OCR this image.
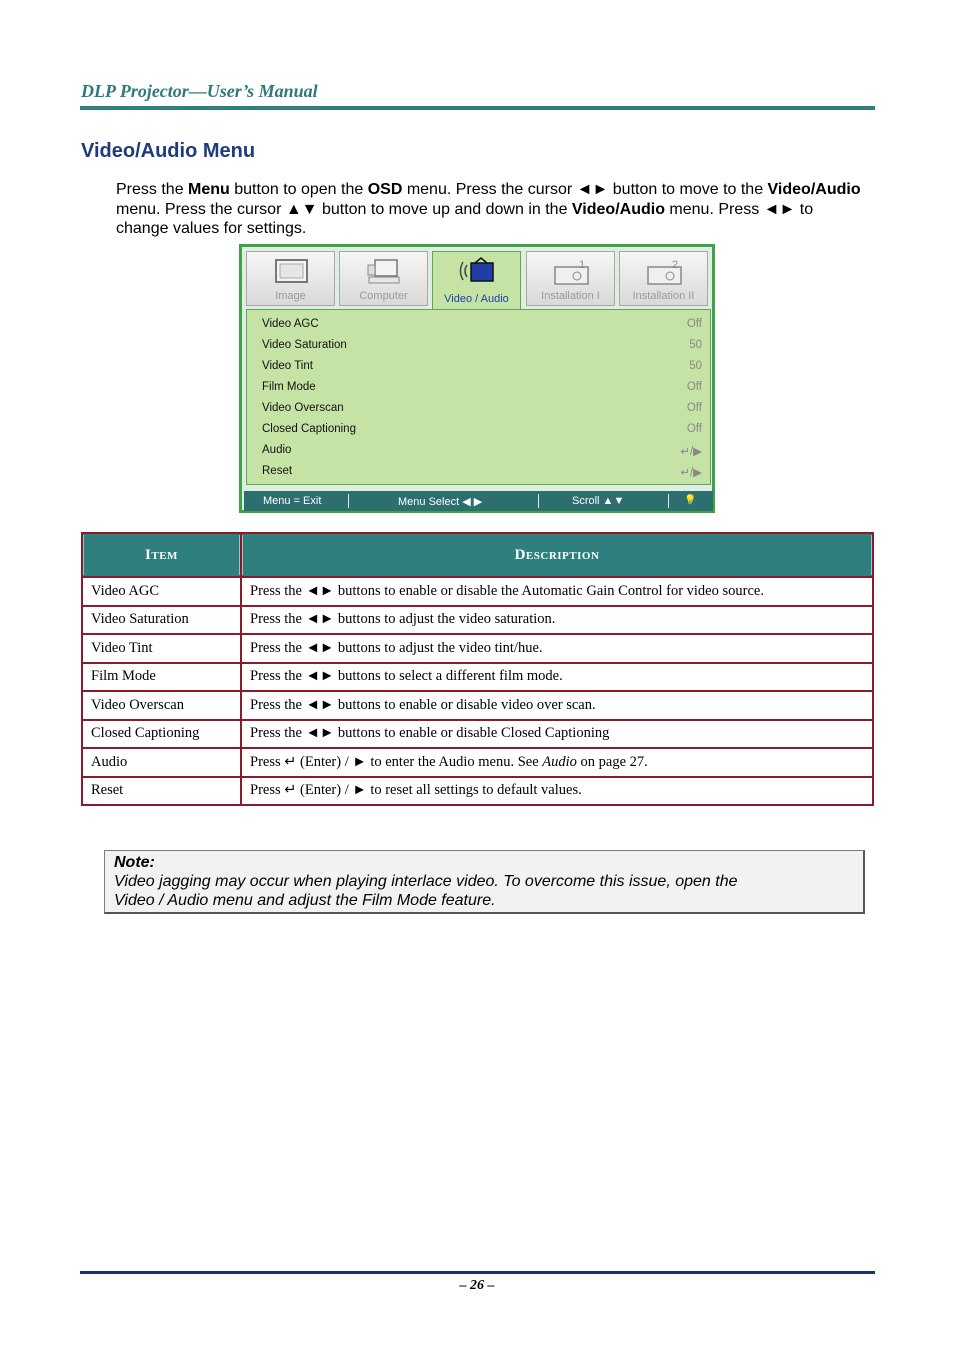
DLP Projector—User’s Manual
Video/Audio Menu

Press the Menu button to open the OSD menu. Press the cursor ◄► button to move to the Video/Audio menu. Press the cursor ▲▼ button to move up and down in the Video/Audio menu. Press ◄► to change values for settings.

Image	Computer	Video / Audio
1
Installation I
2
Installation II
Video AGC	Off
Video Saturation	50
Video Tint	50
Film Mode	Off
Video Overscan	Off
Closed Captioning	Off
Audio	↵/▶
Reset	↵/▶
Menu = Exit	Menu Select ◀ ▶	Scroll ▲▼	💡
Item	Description

Video AGC	Press the ◄► buttons to enable or disable the Automatic Gain Control for video source.
Video Saturation	Press the ◄► buttons to adjust the video saturation.
Video Tint	Press the ◄► buttons to adjust the video tint/hue.
Film Mode	Press the ◄► buttons to select a different film mode.
Video Overscan	Press the ◄► buttons to enable or disable video over scan.
Closed Captioning	Press the ◄► buttons to enable or disable Closed Captioning
Audio	Press ↵ (Enter) / ► to enter the Audio menu. See Audio on page 27.
Reset	Press ↵ (Enter) / ► to reset all settings to default values.
Note:
Video jagging may occur when playing interlace video. To overcome this issue, open the
Video / Audio menu and adjust the Film Mode feature.
– 26 –
